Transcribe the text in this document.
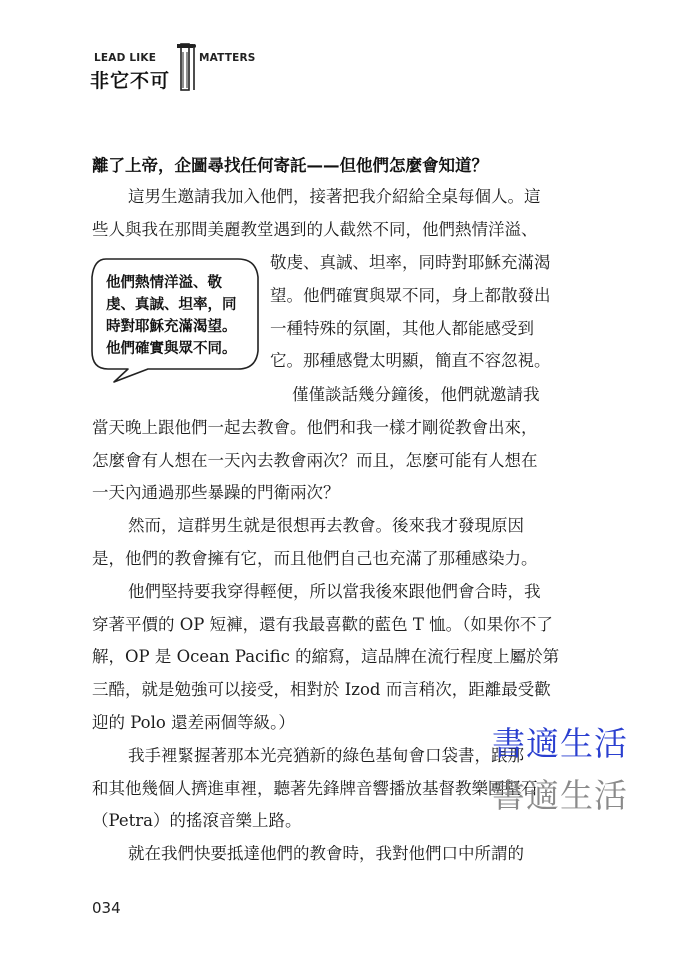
LEAD LIKE	MATTERS
非它不可
離了上帝，企圖尋找任何寄託——但他們怎麼會知道？
這男生邀請我加入他們，接著把我介紹給全桌每個人。這
些人與我在那間美麗教堂遇到的人截然不同，他們熱情洋溢、
敬虔、真誠、坦率，同時對耶穌充滿渴
望。他們確實與眾不同，身上都散發出
一種特殊的氛圍，其他人都能感受到
它。那種感覺太明顯，簡直不容忽視。
僅僅談話幾分鐘後，他們就邀請我
當天晚上跟他們一起去教會。他們和我一樣才剛從教會出來，
怎麼會有人想在一天內去教會兩次？而且，怎麼可能有人想在
一天內通過那些暴躁的門衛兩次？
然而，這群男生就是很想再去教會。後來我才發現原因
是，他們的教會擁有它，而且他們自己也充滿了那種感染力。
他們堅持要我穿得輕便，所以當我後來跟他們會合時，我
穿著平價的 OP 短褲，還有我最喜歡的藍色 T 恤。（如果你不了
解，OP 是 Ocean Pacific 的縮寫，這品牌在流行程度上屬於第
三酷，就是勉強可以接受，相對於 Izod 而言稍次，距離最受歡
迎的 Polo 還差兩個等級。）
我手裡緊握著那本光亮猶新的綠色基甸會口袋書，跟那
和其他幾個人擠進車裡，聽著先鋒牌音響播放基督教樂團堅石
（Petra）的搖滾音樂上路。
就在我們快要抵達他們的教會時，我對他們口中所謂的
他們熱情洋溢、敬
虔、真誠、坦率，同
時對耶穌充滿渴望。
他們確實與眾不同。
書適生活
書適生活
034
